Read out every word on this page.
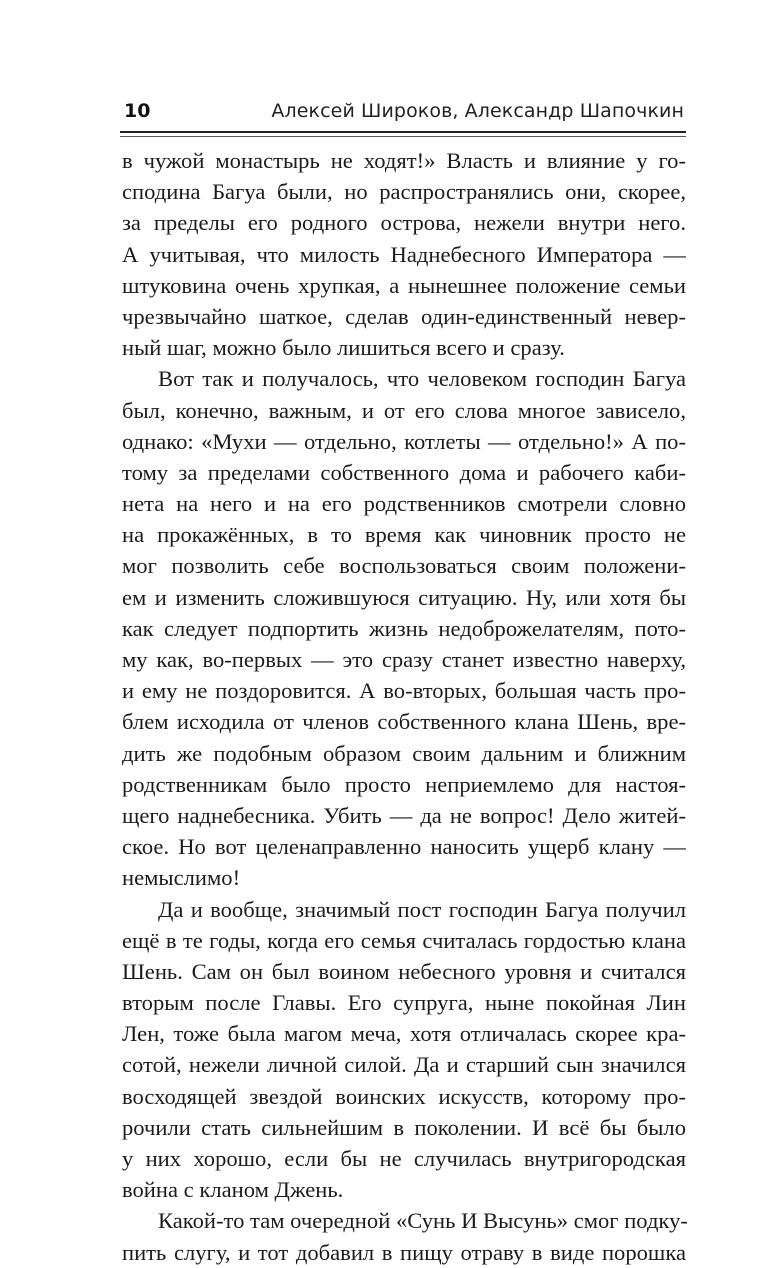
10	Алексей Широков, Александр Шапочкин
в чужой монастырь не ходят!» Власть и влияние у го-
сподина Багуа были, но распространялись они, скорее,
за пределы его родного острова, нежели внутри него.
А учитывая, что милость Наднебесного Императора —
штуковина очень хрупкая, а нынешнее положение семьи
чрезвычайно шаткое, сделав один-единственный невер-
ный шаг, можно было лишиться всего и сразу.
Вот так и получалось, что человеком господин Багуа
был, конечно, важным, и от его слова многое зависело,
однако: «Мухи — отдельно, котлеты — отдельно!» А по-
тому за пределами собственного дома и рабочего каби-
нета на него и на его родственников смотрели словно
на прокажённых, в то время как чиновник просто не
мог позволить себе воспользоваться своим положени-
ем и изменить сложившуюся ситуацию. Ну, или хотя бы
как следует подпортить жизнь недоброжелателям, пото-
му как, во-первых — это сразу станет известно наверху,
и ему не поздоровится. А во-вторых, большая часть про-
блем исходила от членов собственного клана Шень, вре-
дить же подобным образом своим дальним и ближним
родственникам было просто неприемлемо для настоя-
щего наднебесника. Убить — да не вопрос! Дело житей-
ское. Но вот целенаправленно наносить ущерб клану —
немыслимо!
Да и вообще, значимый пост господин Багуа получил
ещё в те годы, когда его семья считалась гордостью клана
Шень. Сам он был воином небесного уровня и считался
вторым после Главы. Его супруга, ныне покойная Лин
Лен, тоже была магом меча, хотя отличалась скорее кра-
сотой, нежели личной силой. Да и старший сын значился
восходящей звездой воинских искусств, которому про-
рочили стать сильнейшим в поколении. И всё бы было
у них хорошо, если бы не случилась внутригородская
война с кланом Джень.
Какой-то там очередной «Сунь И Высунь» смог подку-
пить слугу, и тот добавил в пищу отраву в виде порошка
